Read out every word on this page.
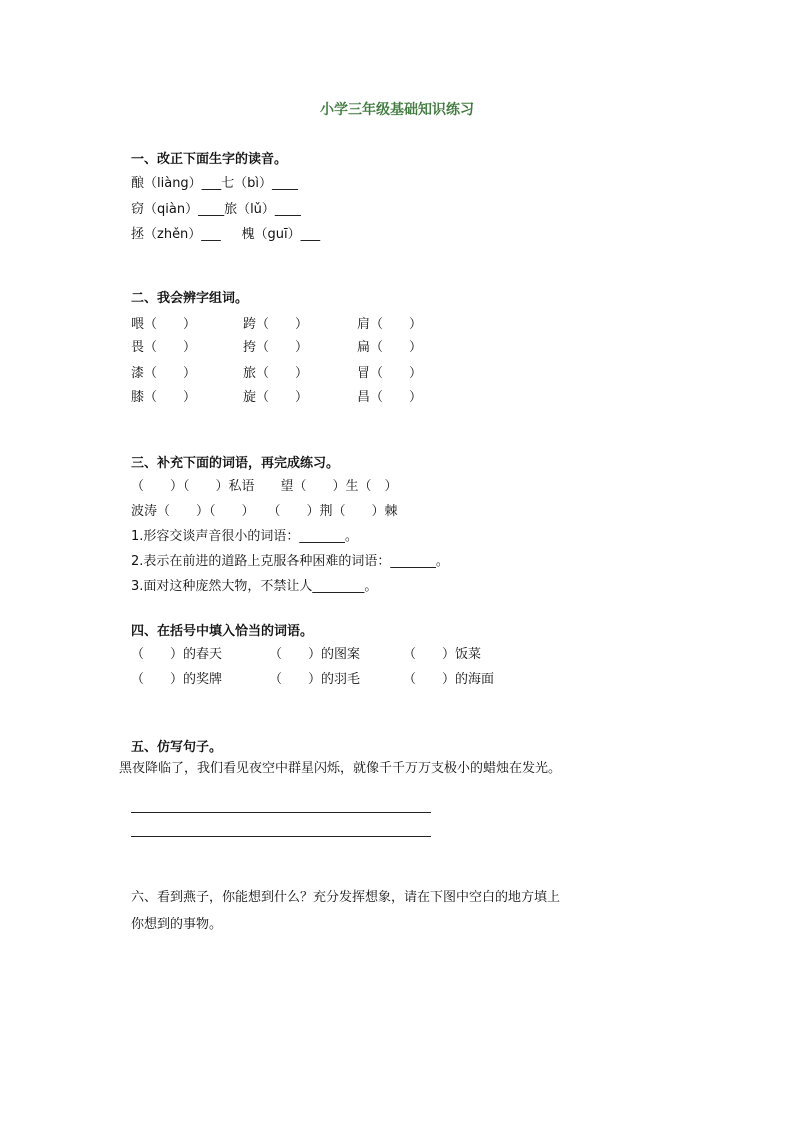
小学三年级基础知识练习
一、改正下面生字的读音。
酿（liàng）___七（bì）____
窃（qiàn）____旅（lǔ）____
拯（zhěn）___     槐（guī）___
二、我会辨字组词。
喂（　　）	跨（　　）	肩（　　）
畏（　　）	挎（　　）	扁（　　）
漆（　　）	旅（　　）	冒（　　）
膝（　　）	旋（　　）	昌（　　）
三、补充下面的词语，再完成练习。
（　　）（　　）私语　　望（　　）生（　）
波涛（　　）（　　）　　（　　）荆（　　）棘
1.形容交谈声音很小的词语：_______。
2.表示在前进的道路上克服各种困难的词语：_______。
3.面对这种庞然大物，不禁让人________。
四、在括号中填入恰当的词语。
（　　）的春天	（　　）的图案	（　　）饭菜
（　　）的奖牌	（　　）的羽毛	（　　）的海面
五、仿写句子。
黑夜降临了，我们看见夜空中群星闪烁，就像千千万万支极小的蜡烛在发光。
六、看到燕子，你能想到什么？充分发挥想象，请在下图中空白的地方填上
你想到的事物。
